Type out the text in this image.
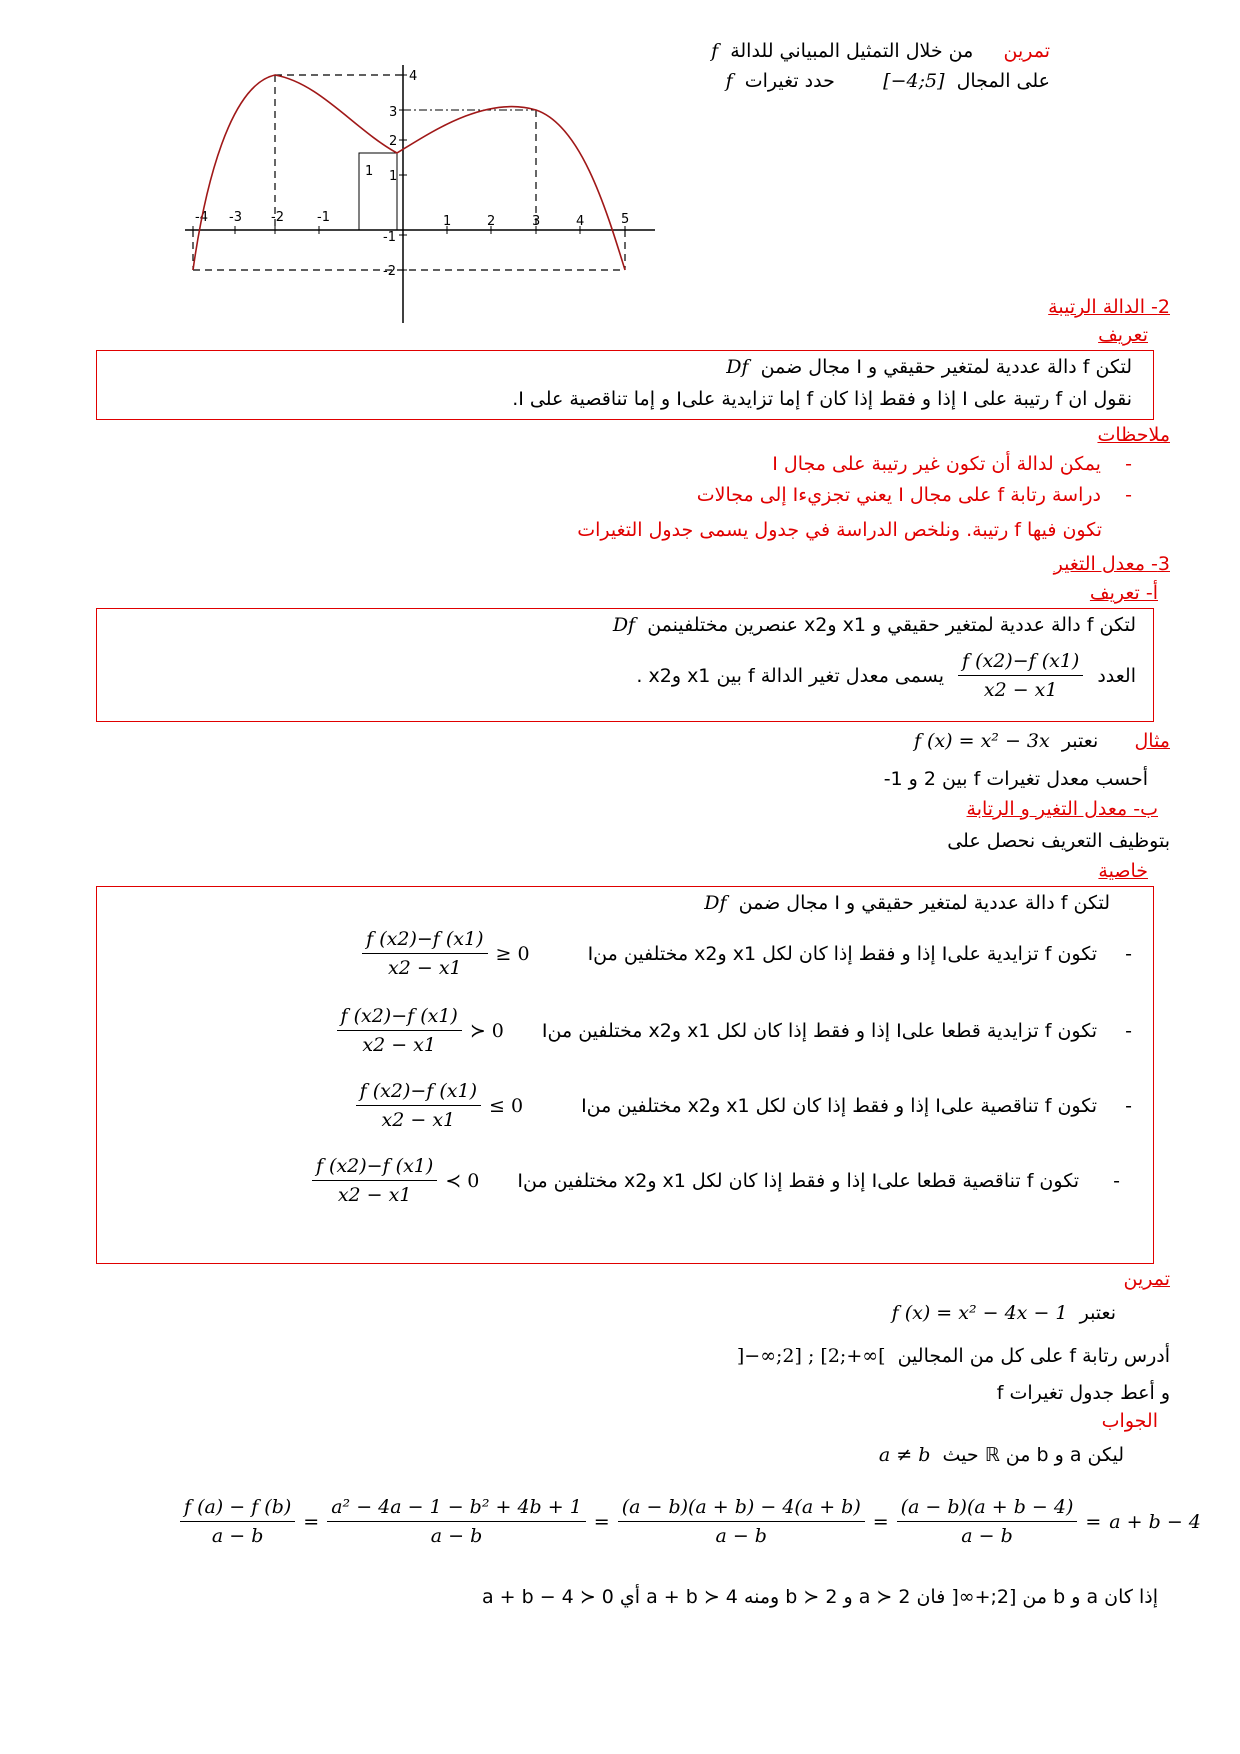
تمرين     من خلال التمثيل المبياني للدالة  f
على المجال  [−4;5]        حدد تغيرات  f
1
-4 -3 -2	-1	1	2	3	4	5
4
3
2
1
-1
-2
2- الدالة الرتيبة
تعريف
لتكن f دالة عددية لمتغير حقيقي و I مجال ضمن  Df
نقول ان f رتيبة على I إذا و فقط إذا كان f إما تزايدية علىI و إما تناقصية على I.
ملاحظات
-    يمكن لدالة أن تكون غير رتيبة على مجال I
-    دراسة رتابة f على مجال I يعني تجزيءI إلى مجالات
تكون فيها f رتيبة. ونلخص الدراسة في جدول يسمى جدول التغيرات
3- معدل التغير
أ- تعريف
لتكن f دالة عددية لمتغير حقيقي و x1 وx2 عنصرين مختلفينمن  Df
العدد
$\frac{f (x2)-f (x1)}{x2 - x1}$
يسمى معدل تغير الدالة f بين x1 وx2 .
مثال      نعتبر  f (x) = x² − 3x
أحسب معدل تغيرات f بين 2 و 1-
ب- معدل التغير و الرتابة
بتوظيف التعريف نحصل على
خاصية
لتكن f دالة عددية لمتغير حقيقي و I مجال ضمن  Df
-
تكون f تزايدية علىI إذا و فقط إذا كان لكل x1 وx2 مختلفين منI
$\frac{f (x2)-f (x1)}{x2 - x1} \ge 0$
-
تكون f تزايدية قطعا علىI إذا و فقط إذا كان لكل x1 وx2 مختلفين منI
$\frac{f (x2)-f (x1)}{x2 - x1}$ ≻ 0
-
تكون f تناقصية علىI إذا و فقط إذا كان لكل x1 وx2 مختلفين منI
$\frac{f (x2)-f (x1)}{x2 - x1} \le 0$
-
تكون f تناقصية قطعا علىI إذا و فقط إذا كان لكل x1 وx2 مختلفين منI
$\frac{f (x2)-f (x1)}{x2 - x1}$ ≺ 0
تمرين
نعتبر  f (x) = x² − 4x − 1
أدرس رتابة f على كل من المجالين  ]−∞;2] ; [2;+∞[
و أعط جدول تغيرات f
الجواب
ليكن a و b من ℝ حيث  a ≠ b
$\frac{f (a) - f (b)}{a - b} = \frac{\text{a² − 4a − 1 − b² + 4b + 1}}{a - b} = \frac{(a - b)(a + b) - 4(a + b)}{a - b} = \frac{(a - b)(a + b - 4)}{a - b} = a + b - 4$
إذا كان a و b من [2;+∞[ فان a ≻ 2 و b ≻ 2 ومنه a + b ≻ 4 أي a + b − 4 ≻ 0
